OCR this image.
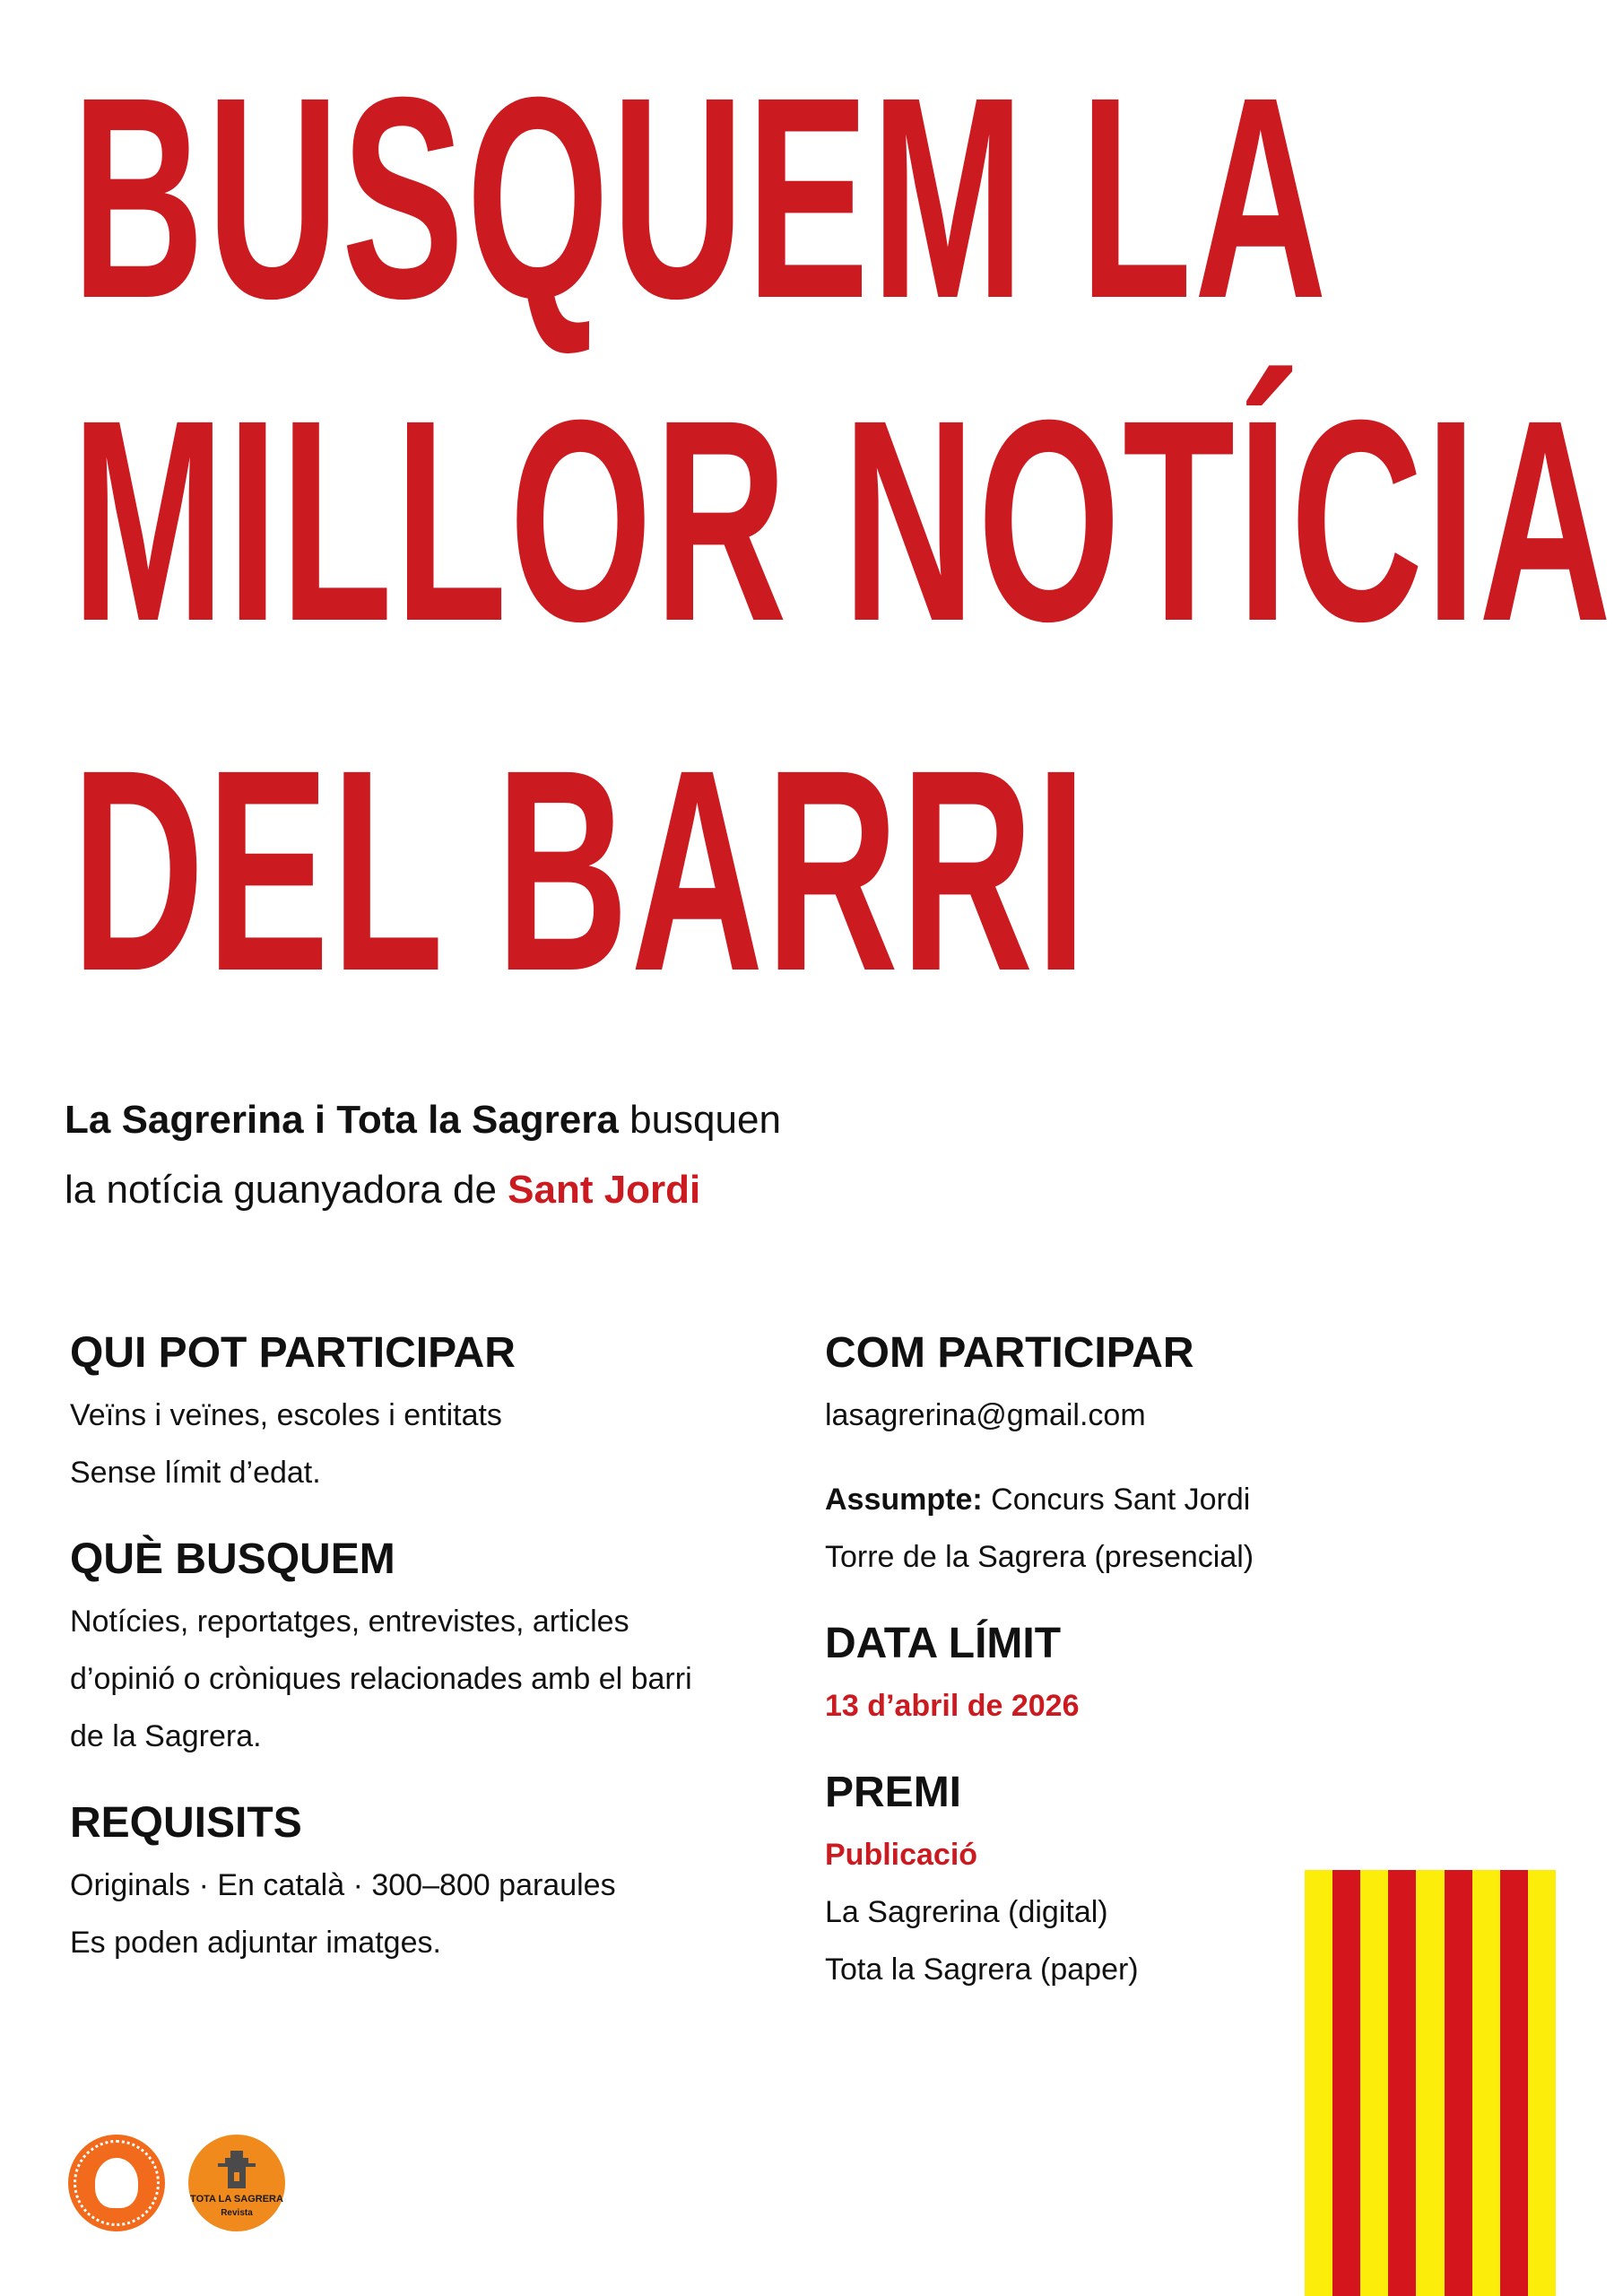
BUSQUEM LA
MILLOR NOTÍCIA
DEL BARRI
La Sagrerina i Tota la Sagrera busquen
la notícia guanyadora de Sant Jordi
QUI POT PARTICIPAR
Veïns i veïnes, escoles i entitats
Sense límit d’edat.
QUÈ BUSQUEM
Notícies, reportatges, entrevistes, articles
d’opinió o cròniques relacionades amb el barri
de la Sagrera.
REQUISITS
Originals · En català · 300–800 paraules
Es poden adjuntar imatges.
COM PARTICIPAR
lasagrerina@gmail.com
Assumpte: Concurs Sant Jordi
Torre de la Sagrera (presencial)
DATA LÍMIT
13 d’abril de 2026
PREMI
Publicació
La Sagrerina (digital)
Tota la Sagrera (paper)
TOTA LA SAGRERA
Revista
